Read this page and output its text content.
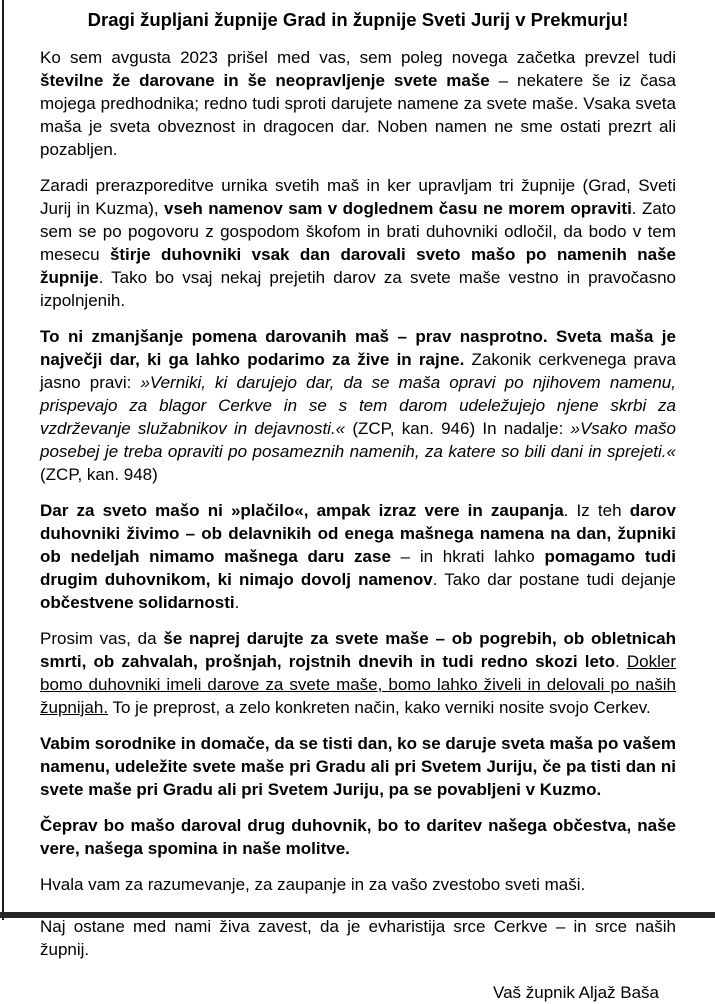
Dragi župljani župnije Grad in župnije Sveti Jurij v Prekmurju!

Ko sem avgusta 2023 prišel med vas, sem poleg novega začetka prevzel tudi številne že darovane in še neopravljenje svete maše – nekatere še iz časa mojega predhodnika; redno tudi sproti darujete namene za svete maše. Vsaka sveta maša je sveta obveznost in dragocen dar. Noben namen ne sme ostati prezrt ali pozabljen.

Zaradi prerazporeditve urnika svetih maš in ker upravljam tri župnije (Grad, Sveti Jurij in Kuzma), vseh namenov sam v doglednem času ne morem opraviti. Zato sem se po pogovoru z gospodom škofom in brati duhovniki odločil, da bodo v tem mesecu štirje duhovniki vsak dan darovali sveto mašo po namenih naše župnije. Tako bo vsaj nekaj prejetih darov za svete maše vestno in pravočasno izpolnjenih.

To ni zmanjšanje pomena darovanih maš – prav nasprotno. Sveta maša je največji dar, ki ga lahko podarimo za žive in rajne. Zakonik cerkvenega prava jasno pravi: »Verniki, ki darujejo dar, da se maša opravi po njihovem namenu, prispevajo za blagor Cerkve in se s tem darom udeležujejo njene skrbi za vzdrževanje služabnikov in dejavnosti.« (ZCP, kan. 946) In nadalje: »Vsako mašo posebej je treba opraviti po posameznih namenih, za katere so bili dani in sprejeti.« (ZCP, kan. 948)

Dar za sveto mašo ni »plačilo«, ampak izraz vere in zaupanja. Iz teh darov duhovniki živimo – ob delavnikih od enega mašnega namena na dan, župniki ob nedeljah nimamo mašnega daru zase – in hkrati lahko pomagamo tudi drugim duhovnikom, ki nimajo dovolj namenov. Tako dar postane tudi dejanje občestvene solidarnosti.

Prosim vas, da še naprej darujte za svete maše – ob pogrebih, ob obletnicah smrti, ob zahvalah, prošnjah, rojstnih dnevih in tudi redno skozi leto. Dokler bomo duhovniki imeli darove za svete maše, bomo lahko živeli in delovali po naših župnijah. To je preprost, a zelo konkreten način, kako verniki nosite svojo Cerkev.

Vabim sorodnike in domače, da se tisti dan, ko se daruje sveta maša po vašem namenu, udeležite svete maše pri Gradu ali pri Svetem Juriju, če pa tisti dan ni svete maše pri Gradu ali pri Svetem Juriju, pa se povabljeni v Kuzmo.

Čeprav bo mašo daroval drug duhovnik, bo to daritev našega občestva, naše vere, našega spomina in naše molitve.

Hvala vam za razumevanje, za zaupanje in za vašo zvestobo sveti maši.

Naj ostane med nami živa zavest, da je evharistija srce Cerkve – in srce naših župnij.

Vaš župnik Aljaž Baša
